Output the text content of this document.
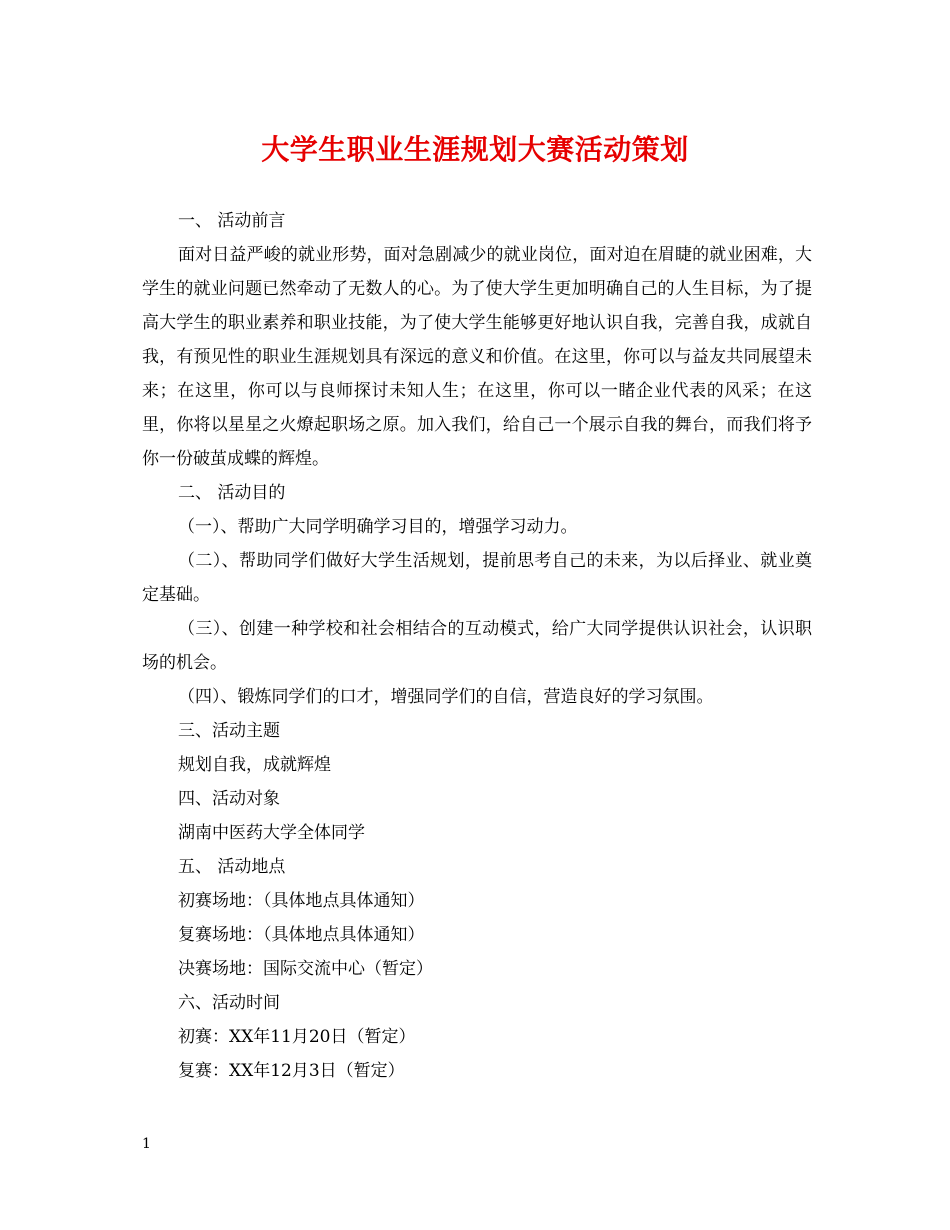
大学生职业生涯规划大赛活动策划

一、 活动前言

面对日益严峻的就业形势，面对急剧减少的就业岗位，面对迫在眉睫的就业困难，大学生的就业问题已然牵动了无数人的心。为了使大学生更加明确自己的人生目标，为了提高大学生的职业素养和职业技能，为了使大学生能够更好地认识自我，完善自我，成就自我，有预见性的职业生涯规划具有深远的意义和价值。在这里，你可以与益友共同展望未来；在这里，你可以与良师探讨未知人生；在这里，你可以一睹企业代表的风采；在这里，你将以星星之火燎起职场之原。加入我们，给自己一个展示自我的舞台，而我们将予你一份破茧成蝶的辉煌。

二、 活动目的

（一）、帮助广大同学明确学习目的，增强学习动力。

（二）、帮助同学们做好大学生活规划，提前思考自己的未来，为以后择业、就业奠定基础。

（三）、创建一种学校和社会相结合的互动模式，给广大同学提供认识社会，认识职场的机会。

（四）、锻炼同学们的口才，增强同学们的自信，营造良好的学习氛围。

三、活动主题

规划自我，成就辉煌

四、活动对象

湖南中医药大学全体同学

五、 活动地点

初赛场地：（具体地点具体通知）

复赛场地：（具体地点具体通知）

决赛场地：国际交流中心（暂定）

六、活动时间

初赛：XX年11月20日（暂定）

复赛：XX年12月3日（暂定）

1
